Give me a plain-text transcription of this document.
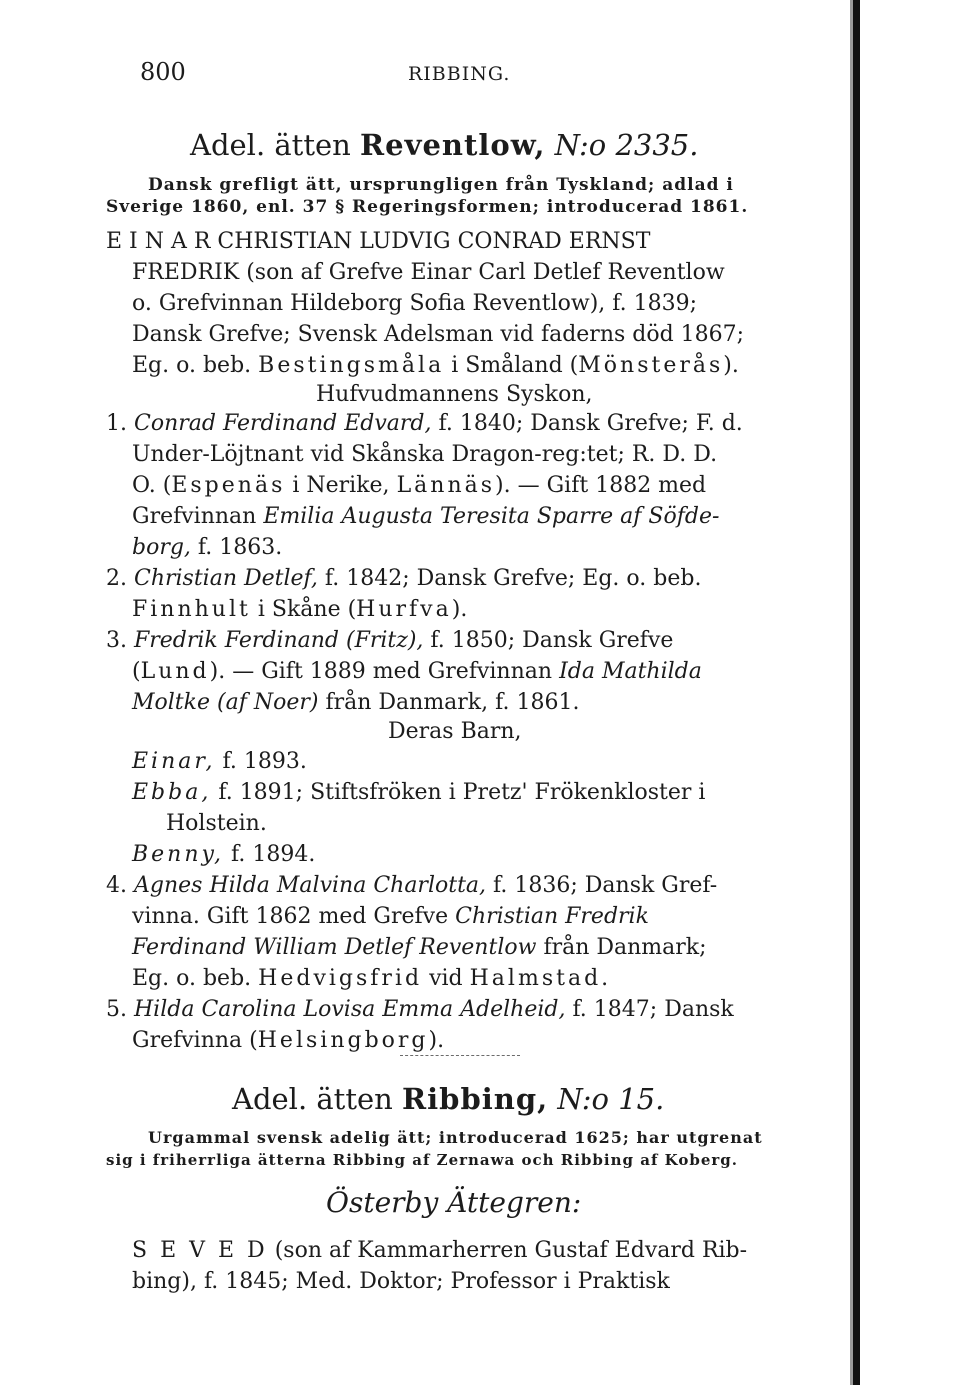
800	RIBBING.
Adel. ätten Reventlow, N:o 2335.
Dansk grefligt ätt, ursprungligen från Tyskland; adlad i
Sverige 1860, enl. 37 § Regeringsformen; introducerad 1861.
E I N A R CHRISTIAN LUDVIG CONRAD ERNST
FREDRIK (son af Grefve Einar Carl Detlef Reventlow
o. Grefvinnan Hildeborg Sofia Reventlow), f. 1839;
Dansk Grefve; Svensk Adelsman vid faderns död 1867;
Eg. o. beb. Bestingsmåla i Småland (Mönsterås).
Hufvudmannens Syskon,
1. Conrad Ferdinand Edvard, f. 1840; Dansk Grefve; F. d.
Under-Löjtnant vid Skånska Dragon-reg:tet; R. D. D.
O. (Espenäs i Nerike, Lännäs). — Gift 1882 med
Grefvinnan Emilia Augusta Teresita Sparre af Söfde-
borg, f. 1863.
2. Christian Detlef, f. 1842; Dansk Grefve; Eg. o. beb.
Finnhult i Skåne (Hurfva).
3. Fredrik Ferdinand (Fritz), f. 1850; Dansk Grefve
(Lund). — Gift 1889 med Grefvinnan Ida Mathilda
Moltke (af Noer) från Danmark, f. 1861.
Deras Barn,
Einar, f. 1893.
Ebba, f. 1891; Stiftsfröken i Pretz' Frökenkloster i
Holstein.
Benny, f. 1894.
4. Agnes Hilda Malvina Charlotta, f. 1836; Dansk Gref-
vinna. Gift 1862 med Grefve Christian Fredrik
Ferdinand William Detlef Reventlow från Danmark;
Eg. o. beb. Hedvigsfrid vid Halmstad.
5. Hilda Carolina Lovisa Emma Adelheid, f. 1847; Dansk
Grefvinna (Helsingborg).
Adel. ätten Ribbing, N:o 15.
Urgammal svensk adelig ätt; introducerad 1625; har utgrenat
sig i friherrliga ätterna Ribbing af Zernawa och Ribbing af Koberg.
Österby Ättegren:
S E V E D (son af Kammarherren Gustaf Edvard Rib-
bing), f. 1845; Med. Doktor; Professor i Praktisk
